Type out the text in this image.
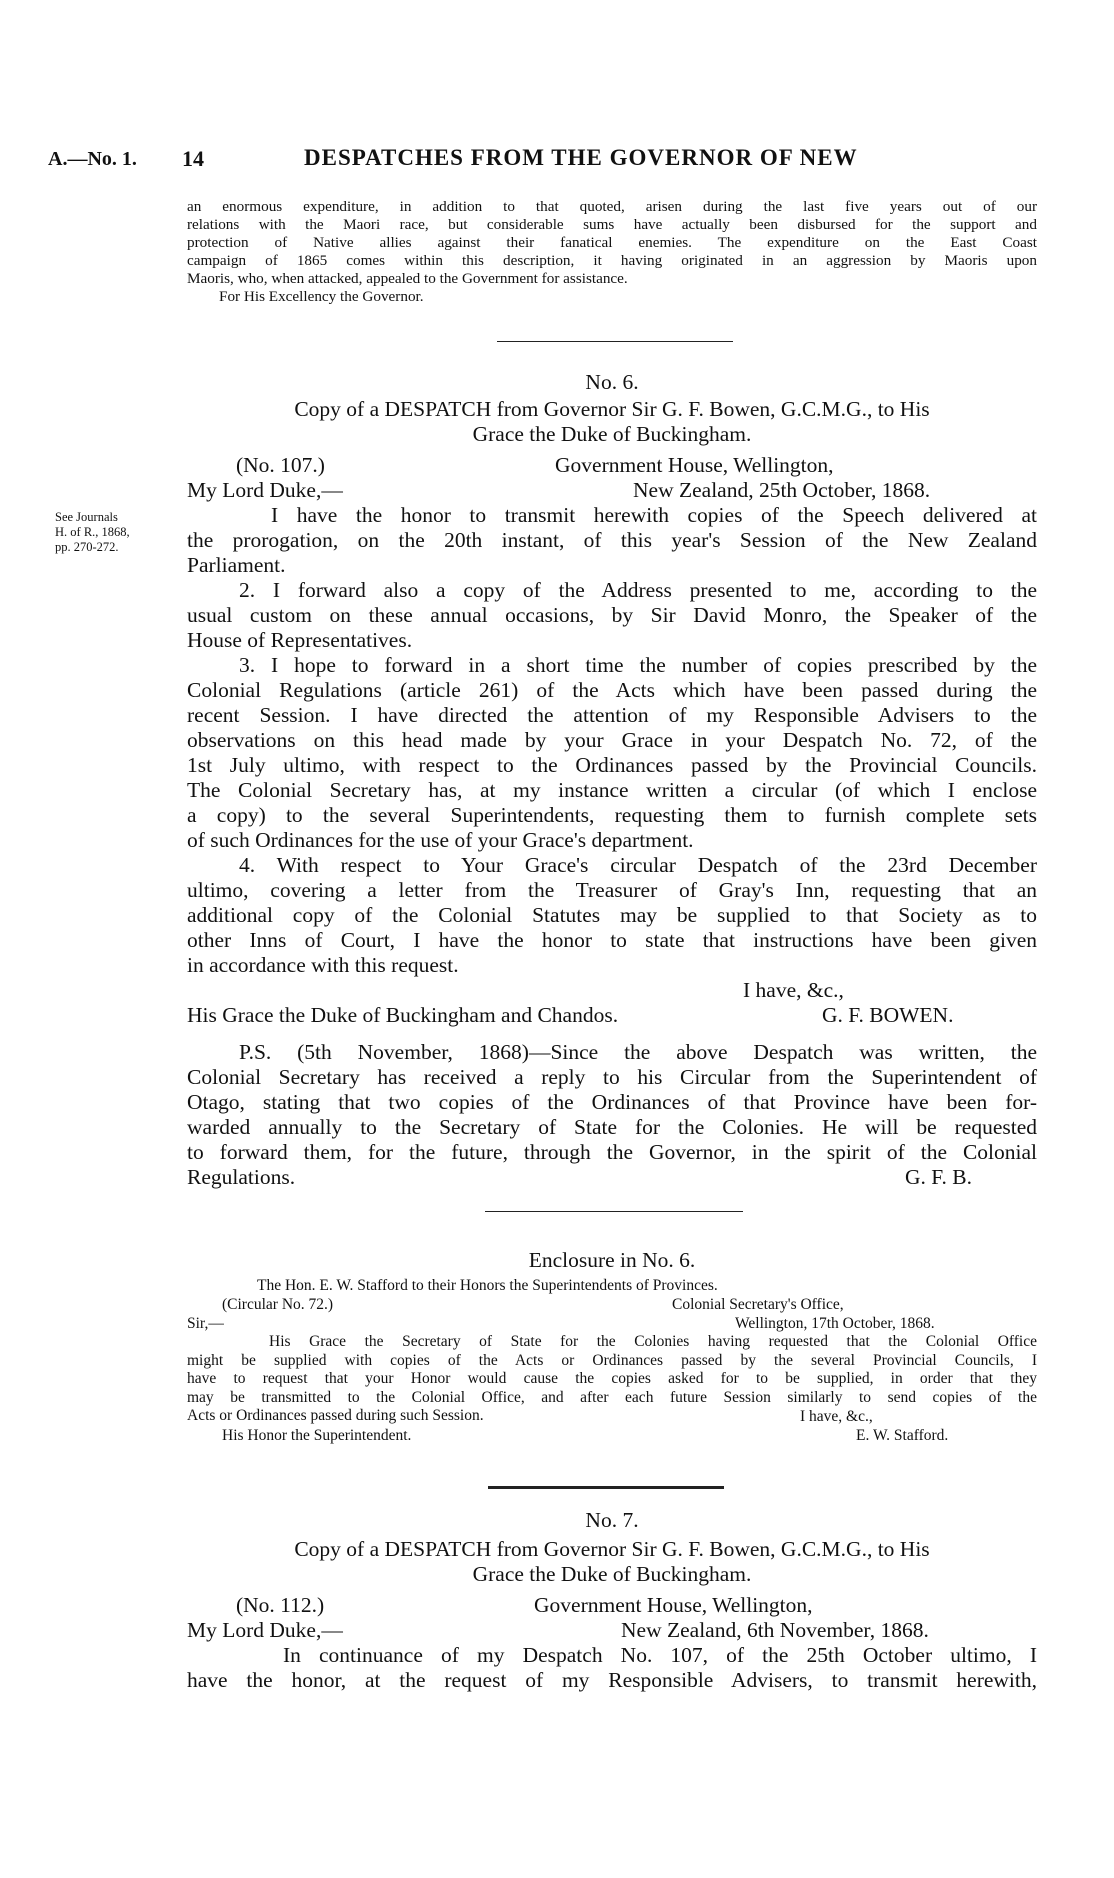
A.—No. 1. 14	DESPATCHES FROM THE GOVERNOR OF NEW
an enormous expenditure, in addition to that quoted, arisen during the last five years out of our
relations with the Maori race, but considerable sums have actually been disbursed for the support and
protection of Native allies against their fanatical enemies. The expenditure on the East Coast
campaign of 1865 comes within this description, it having originated in an aggression by Maoris upon
Maoris, who, when attacked, appealed to the Government for assistance.
For His Excellency the Governor.
No. 6.
Copy of a DESPATCH from Governor Sir G. F. Bowen, G.C.M.G., to His
Grace the Duke of Buckingham.
(No. 107.)	Government House, Wellington,
My Lord Duke,—	New Zealand, 25th October, 1868.
See Journals
H. of R., 1868,
pp. 270-272.
I have the honor to transmit herewith copies of the Speech delivered at
the prorogation, on the 20th instant, of this year's Session of the New Zealand
Parliament.
2. I forward also a copy of the Address presented to me, according to the
usual custom on these annual occasions, by Sir David Monro, the Speaker of the
House of Representatives.
3. I hope to forward in a short time the number of copies prescribed by the
Colonial Regulations (article 261) of the Acts which have been passed during the
recent Session. I have directed the attention of my Responsible Advisers to the
observations on this head made by your Grace in your Despatch No. 72, of the
1st July ultimo, with respect to the Ordinances passed by the Provincial Councils.
The Colonial Secretary has, at my instance written a circular (of which I enclose
a copy) to the several Superintendents, requesting them to furnish complete sets
of such Ordinances for the use of your Grace's department.
4. With respect to Your Grace's circular Despatch of the 23rd December
ultimo, covering a letter from the Treasurer of Gray's Inn, requesting that an
additional copy of the Colonial Statutes may be supplied to that Society as to
other Inns of Court, I have the honor to state that instructions have been given
in accordance with this request.
I have, &c.,
His Grace the Duke of Buckingham and Chandos.	G. F. BOWEN.
P.S. (5th November, 1868)—Since the above Despatch was written, the
Colonial Secretary has received a reply to his Circular from the Superintendent of
Otago, stating that two copies of the Ordinances of that Province have been for-
warded annually to the Secretary of State for the Colonies. He will be requested
to forward them, for the future, through the Governor, in the spirit of the Colonial
Regulations.	G. F. B.
Enclosure in No. 6.
The Hon. E. W. Stafford to their Honors the Superintendents of Provinces.
(Circular No. 72.)	Colonial Secretary's Office,
Sir,—	Wellington, 17th October, 1868.
His Grace the Secretary of State for the Colonies having requested that the Colonial Office
might be supplied with copies of the Acts or Ordinances passed by the several Provincial Councils, I
have to request that your Honor would cause the copies asked for to be supplied, in order that they
may be transmitted to the Colonial Office, and after each future Session similarly to send copies of the
Acts or Ordinances passed during such Session.	I have, &c.,
His Honor the Superintendent.	E. W. Stafford.
No. 7.
Copy of a DESPATCH from Governor Sir G. F. Bowen, G.C.M.G., to His
Grace the Duke of Buckingham.
(No. 112.)	Government House, Wellington,
My Lord Duke,—	New Zealand, 6th November, 1868.
In continuance of my Despatch No. 107, of the 25th October ultimo, I
have the honor, at the request of my Responsible Advisers, to transmit herewith,
